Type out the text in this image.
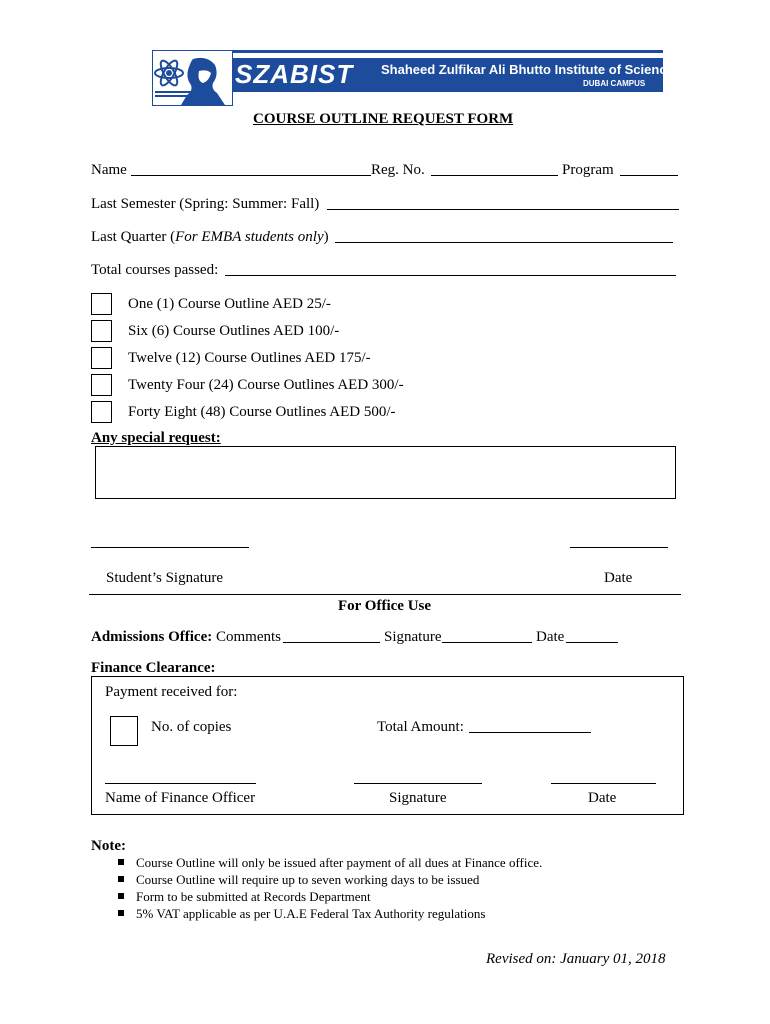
Shaheed Zulfikar Ali Bhutto Institute of Science & Technology
DUBAI CAMPUS
SZABIST
COURSE OUTLINE REQUEST FORM
Name	Reg. No.	Program
Last Semester (Spring: Summer: Fall)
Last Quarter (For EMBA students only)
Total courses passed:
One (1) Course Outline AED 25/-
Six (6) Course Outlines AED 100/-
Twelve (12) Course Outlines AED 175/-
Twenty Four (24) Course Outlines AED 300/-
Forty Eight (48) Course Outlines AED 500/-
Any special request:
Student’s Signature	Date
For Office Use
Admissions Office: Comments	Signature	Date
Finance Clearance:
Payment received for:
No. of copies	Total Amount:
Name of Finance Officer	Signature	Date
Note:
Course Outline will only be issued after payment of all dues at Finance office.
Course Outline will require up to seven working days to be issued
Form to be submitted at Records Department
5% VAT applicable as per U.A.E Federal Tax Authority regulations
Revised on: January 01, 2018
